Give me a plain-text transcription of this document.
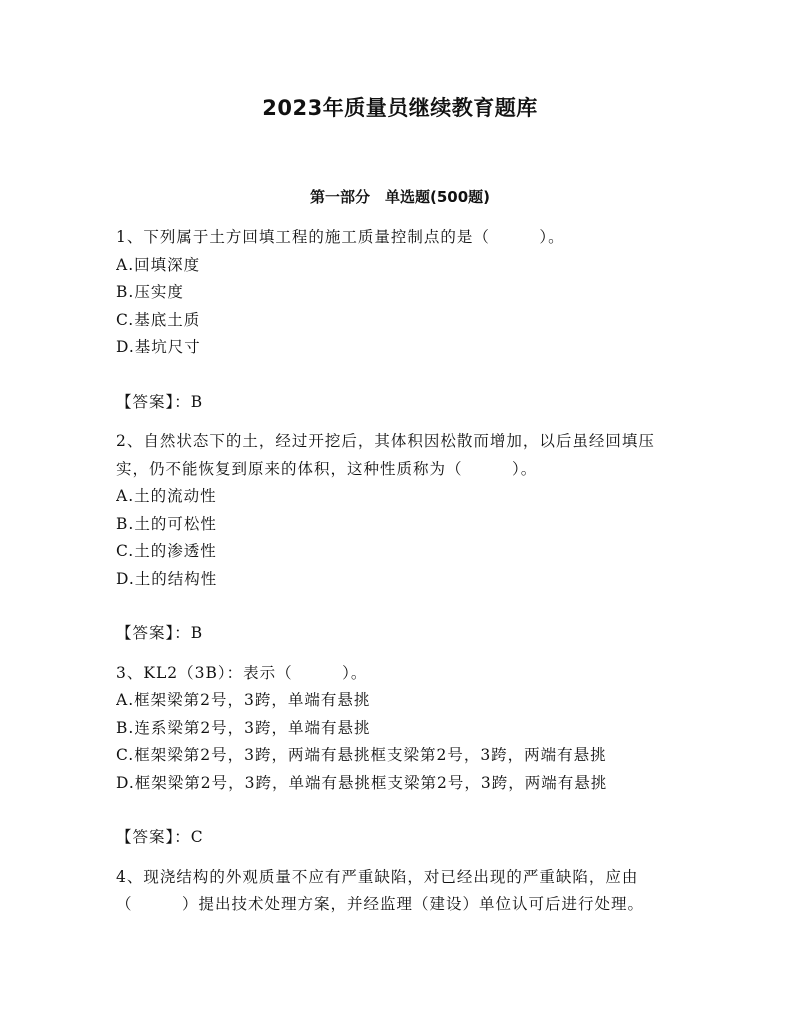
2023年质量员继续教育题库
第一部分　单选题(500题)

1、下列属于土方回填工程的施工质量控制点的是（　　　）。

A.回填深度

B.压实度

C.基底土质

D.基坑尺寸

【答案】：B

2、自然状态下的土，经过开挖后，其体积因松散而增加，以后虽经回填压实，仍不能恢复到原来的体积，这种性质称为（　　　）。

A.土的流动性

B.土的可松性

C.土的渗透性

D.土的结构性

【答案】：B

3、KL2（3B）：表示（　　　）。

A.框架梁第2号，3跨，单端有悬挑

B.连系梁第2号，3跨，单端有悬挑

C.框架梁第2号，3跨，两端有悬挑框支梁第2号，3跨，两端有悬挑

D.框架梁第2号，3跨，单端有悬挑框支梁第2号，3跨，两端有悬挑

【答案】：C

4、现浇结构的外观质量不应有严重缺陷，对已经出现的严重缺陷，应由（　　　）提出技术处理方案，并经监理（建设）单位认可后进行处理。
